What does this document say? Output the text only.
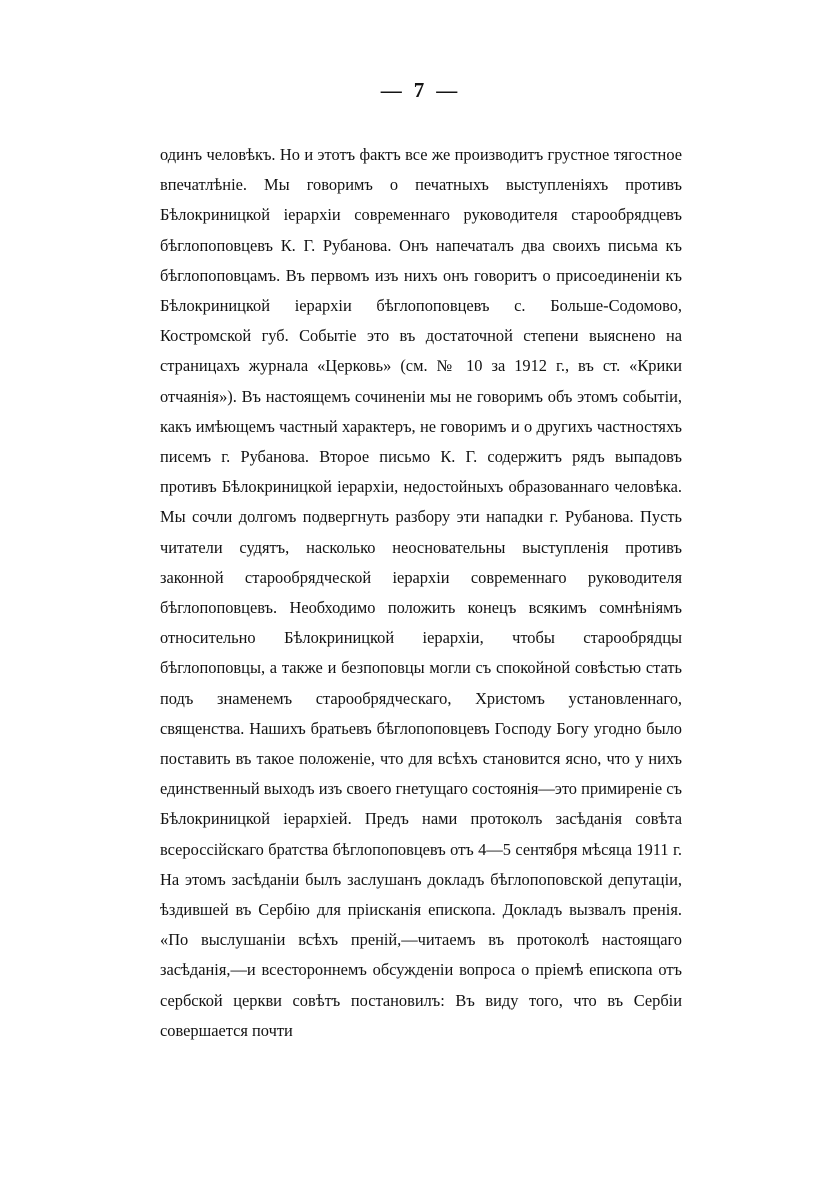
— 7 —

одинъ человѣкъ. Но и этотъ фактъ все же производитъ грустное тягостное впечатлѣніе. Мы говоримъ о печатныхъ выступленіяхъ противъ Бѣлокриницкой іерархіи современнаго руководителя старообрядцевъ бѣглопоповцевъ К. Г. Рубанова. Онъ напечаталъ два своихъ письма къ бѣглопоповцамъ. Въ первомъ изъ нихъ онъ говоритъ о присоединеніи къ Бѣлокриницкой іерархіи бѣглопоповцевъ с. Больше-Содомово, Костромской губ. Событіе это въ достаточной степени выяснено на страницахъ журнала «Церковь» (см. № 10 за 1912 г., въ ст. «Крики отчаянія»). Въ настоящемъ сочиненіи мы не говоримъ объ этомъ событіи, какъ имѣющемъ частный характеръ, не говоримъ и о другихъ частностяхъ писемъ г. Рубанова. Второе письмо К. Г. содержитъ рядъ выпадовъ противъ Бѣлокриницкой іерархіи, недостойныхъ образованнаго человѣка. Мы сочли долгомъ подвергнуть разбору эти нападки г. Рубанова. Пусть читатели судятъ, насколько неосновательны выступленія противъ законной старообрядческой іерархіи современнаго руководителя бѣглопоповцевъ. Необходимо положить конецъ всякимъ сомнѣніямъ относительно Бѣлокриницкой іерархіи, чтобы старообрядцы бѣглопоповцы, а также и безпоповцы могли съ спокойной совѣстью стать подъ знаменемъ старообрядческаго, Христомъ установленнаго, священства. Нашихъ братьевъ бѣглопоповцевъ Господу Богу угодно было поставить въ такое положеніе, что для всѣхъ становится ясно, что у нихъ единственный выходъ изъ своего гнетущаго состоянія—это примиреніе съ Бѣлокриницкой іерархіей. Предъ нами протоколъ засѣданія совѣта всероссійскаго братства бѣглопоповцевъ отъ 4—5 сентября мѣсяца 1911 г. На этомъ засѣданіи былъ заслушанъ докладъ бѣглопоповской депутаціи, ѣздившей въ Сербію для пріисканія епископа. Докладъ вызвалъ пренія. «По выслушаніи всѣхъ преній,—читаемъ въ протоколѣ настоящаго засѣданія,—и всестороннемъ обсужденіи вопроса о пріемѣ епископа отъ сербской церкви совѣтъ постановилъ: Въ виду того, что въ Сербіи совершается почти
